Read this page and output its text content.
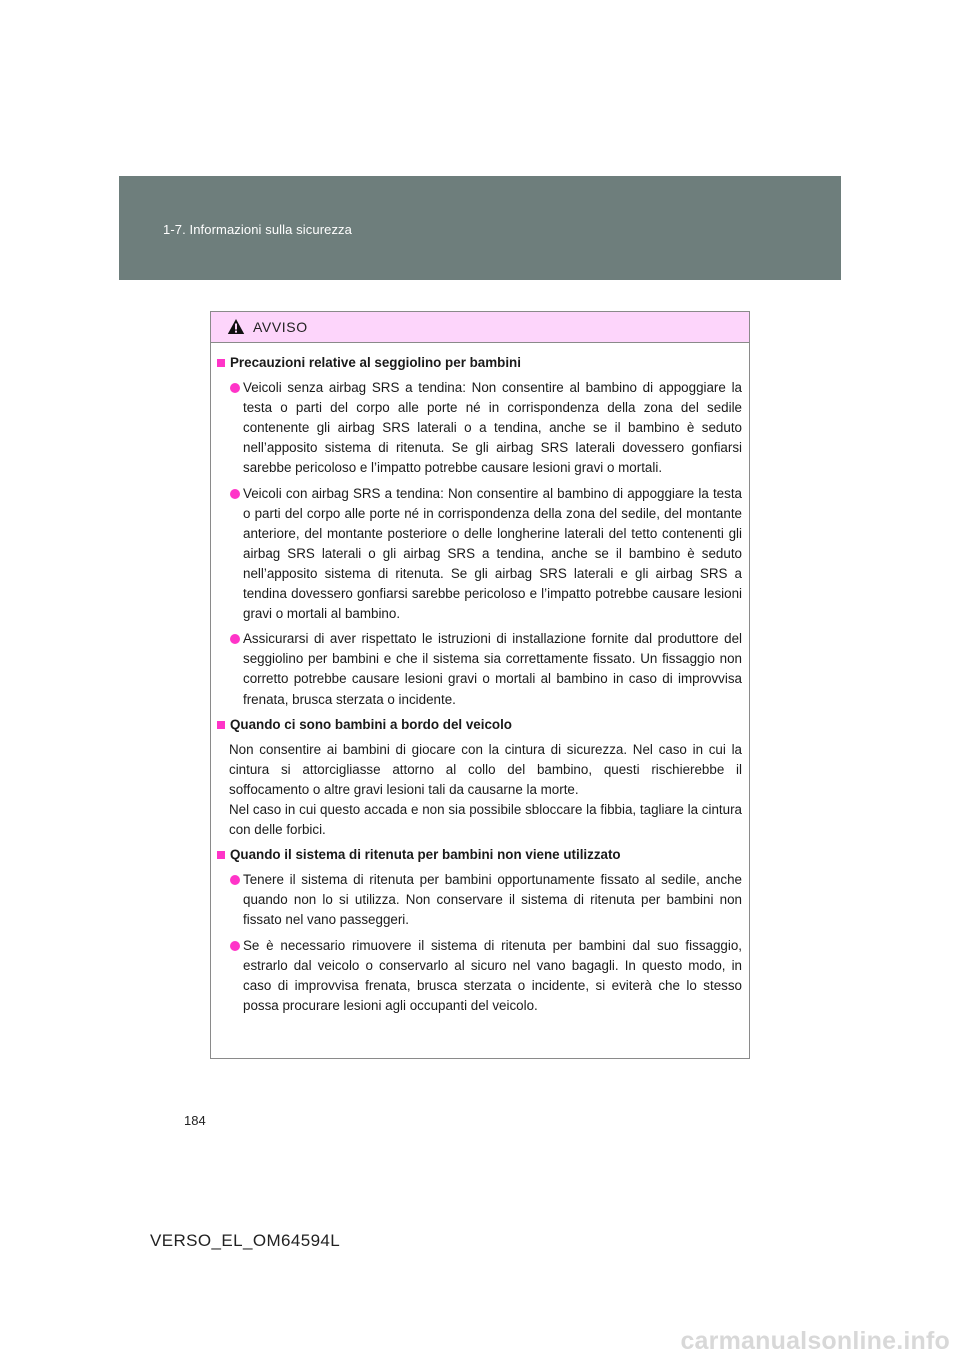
1-7. Informazioni sulla sicurezza
AVVISO
Precauzioni relative al seggiolino per bambini
Veicoli senza airbag SRS a tendina: Non consentire al bambino di appoggiare la testa o parti del corpo alle porte né in corrispondenza della zona del sedile contenente gli airbag SRS laterali o a tendina, anche se il bambino è seduto nell’apposito sistema di ritenuta. Se gli airbag SRS laterali dovessero gonfiarsi sarebbe pericoloso e l’impatto potrebbe causare lesioni gravi o mortali.
Veicoli con airbag SRS a tendina: Non consentire al bambino di appoggiare la testa o parti del corpo alle porte né in corrispondenza della zona del sedile, del montante anteriore, del montante posteriore o delle longherine laterali del tetto contenenti gli airbag SRS laterali o gli airbag SRS a tendina, anche se il bambino è seduto nell’apposito sistema di ritenuta. Se gli airbag SRS laterali e gli airbag SRS a tendina dovessero gonfiarsi sarebbe pericoloso e l’impatto potrebbe causare lesioni gravi o mortali al bambino.
Assicurarsi di aver rispettato le istruzioni di installazione fornite dal produttore del seggiolino per bambini e che il sistema sia correttamente fissato. Un fissaggio non corretto potrebbe causare lesioni gravi o mortali al bambino in caso di improvvisa frenata, brusca sterzata o incidente.
Quando ci sono bambini a bordo del veicolo
Non consentire ai bambini di giocare con la cintura di sicurezza. Nel caso in cui la cintura si attorcigliasse attorno al collo del bambino, questi rischierebbe il soffocamento o altre gravi lesioni tali da causarne la morte.
Nel caso in cui questo accada e non sia possibile sbloccare la fibbia, tagliare la cintura con delle forbici.
Quando il sistema di ritenuta per bambini non viene utilizzato
Tenere il sistema di ritenuta per bambini opportunamente fissato al sedile, anche quando non lo si utilizza. Non conservare il sistema di ritenuta per bambini non fissato nel vano passeggeri.
Se è necessario rimuovere il sistema di ritenuta per bambini dal suo fissaggio, estrarlo dal veicolo o conservarlo al sicuro nel vano bagagli. In questo modo, in caso di improvvisa frenata, brusca sterzata o incidente, si eviterà che lo stesso possa procurare lesioni agli occupanti del veicolo.
184
VERSO_EL_OM64594L
carmanualsonline.info
